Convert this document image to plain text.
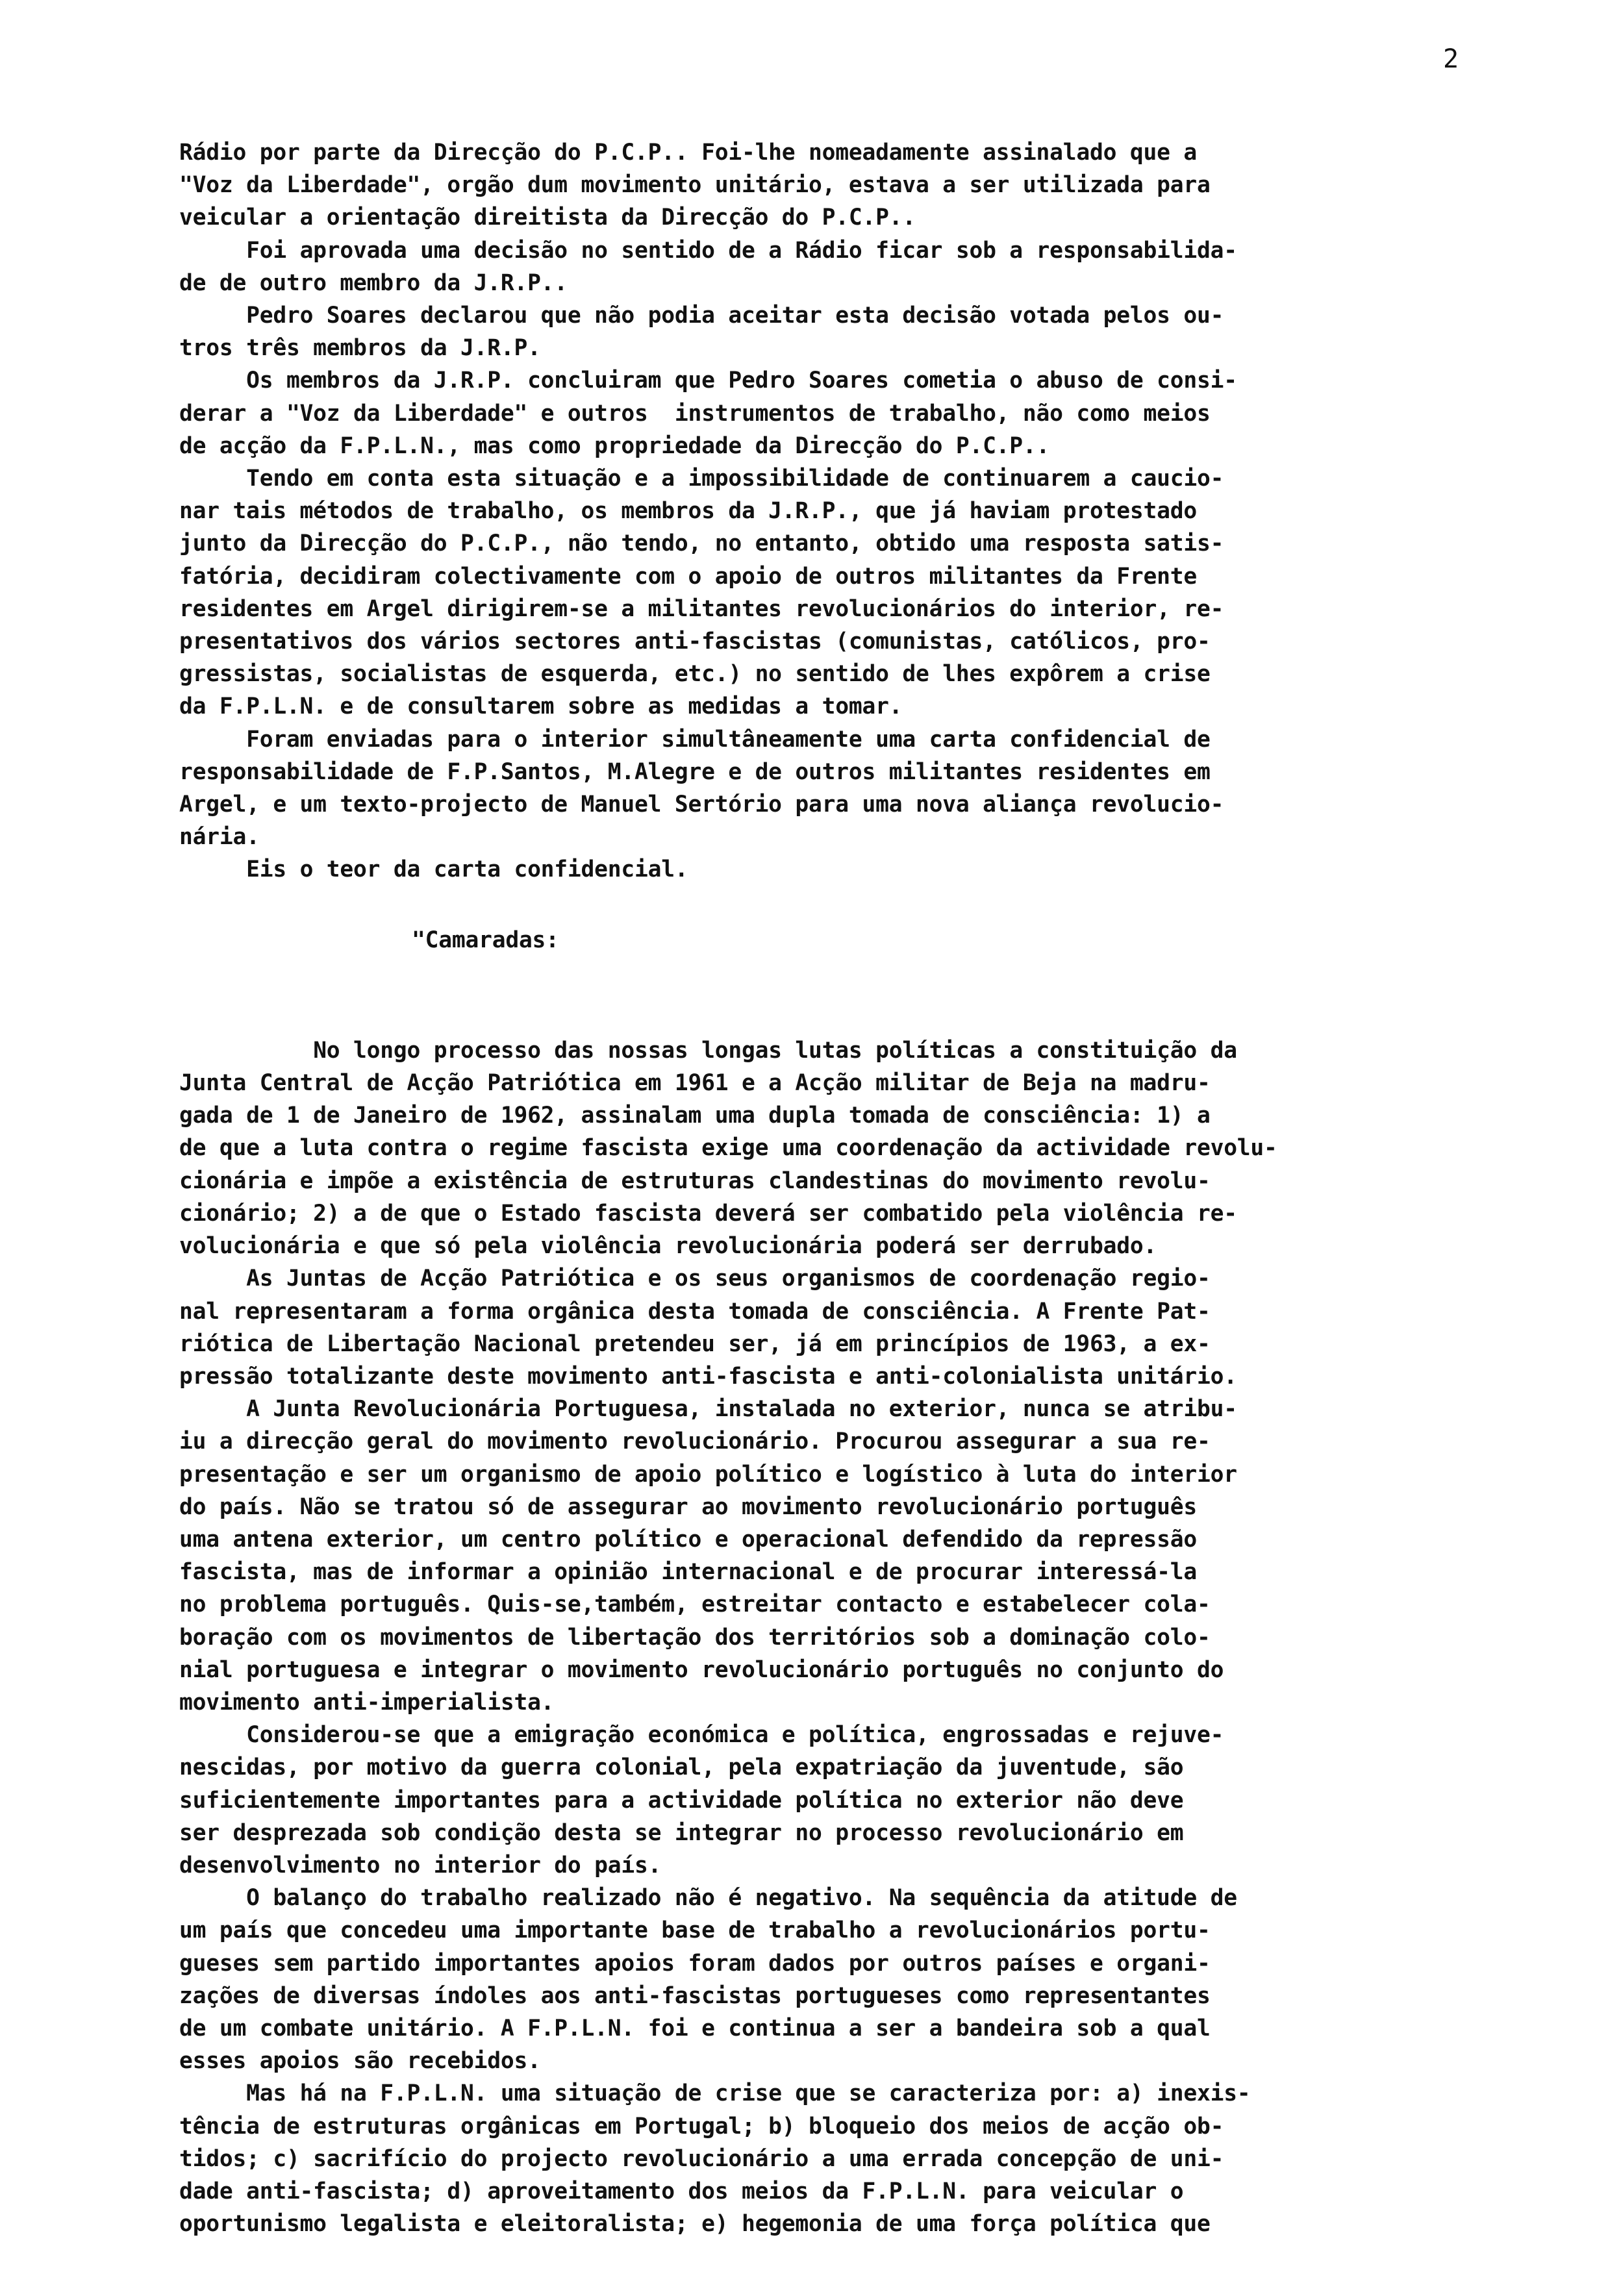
2

Rádio por parte da Direcção do P.C.P.. Foi-lhe nomeadamente assinalado que a
"Voz da Liberdade", orgão dum movimento unitário, estava a ser utilizada para
veicular a orientação direitista da Direcção do P.C.P..

Foi aprovada uma decisão no sentido de a Rádio ficar sob a responsabilida-
de de outro membro da J.R.P..

Pedro Soares declarou que não podia aceitar esta decisão votada pelos ou-
tros três membros da J.R.P.

Os membros da J.R.P. concluiram que Pedro Soares cometia o abuso de consi-
derar a "Voz da Liberdade" e outros  instrumentos de trabalho, não como meios
de acção da F.P.L.N., mas como propriedade da Direcção do P.C.P..

Tendo em conta esta situação e a impossibilidade de continuarem a caucio-
nar tais métodos de trabalho, os membros da J.R.P., que já haviam protestado
junto da Direcção do P.C.P., não tendo, no entanto, obtido uma resposta satis-
fatória, decidiram colectivamente com o apoio de outros militantes da Frente
residentes em Argel dirigirem-se a militantes revolucionários do interior, re-
presentativos dos vários sectores anti-fascistas (comunistas, católicos, pro-
gressistas, socialistas de esquerda, etc.) no sentido de lhes expôrem a crise
da F.P.L.N. e de consultarem sobre as medidas a tomar.

Foram enviadas para o interior simultâneamente uma carta confidencial de
responsabilidade de F.P.Santos, M.Alegre e de outros militantes residentes em
Argel, e um texto-projecto de Manuel Sertório para uma nova aliança revolucio-
nária.

Eis o teor da carta confidencial.

"Camaradas:

No longo processo das nossas longas lutas políticas a constituição da
Junta Central de Acção Patriótica em 1961 e a Acção militar de Beja na madru-
gada de 1 de Janeiro de 1962, assinalam uma dupla tomada de consciência: 1) a
de que a luta contra o regime fascista exige uma coordenação da actividade revolu-
cionária e impõe a existência de estruturas clandestinas do movimento revolu-
cionário; 2) a de que o Estado fascista deverá ser combatido pela violência re-
volucionária e que só pela violência revolucionária poderá ser derrubado.

As Juntas de Acção Patriótica e os seus organismos de coordenação regio-
nal representaram a forma orgânica desta tomada de consciência. A Frente Pat-
riótica de Libertação Nacional pretendeu ser, já em princípios de 1963, a ex-
pressão totalizante deste movimento anti-fascista e anti-colonialista unitário.

A Junta Revolucionária Portuguesa, instalada no exterior, nunca se atribu-
iu a direcção geral do movimento revolucionário. Procurou assegurar a sua re-
presentação e ser um organismo de apoio político e logístico à luta do interior
do país. Não se tratou só de assegurar ao movimento revolucionário português
uma antena exterior, um centro político e operacional defendido da repressão
fascista, mas de informar a opinião internacional e de procurar interessá-la
no problema português. Quis-se,também, estreitar contacto e estabelecer cola-
boração com os movimentos de libertação dos territórios sob a dominação colo-
nial portuguesa e integrar o movimento revolucionário português no conjunto do
movimento anti-imperialista.

Considerou-se que a emigração económica e política, engrossadas e rejuve-
nescidas, por motivo da guerra colonial, pela expatriação da juventude, são
suficientemente importantes para a actividade política no exterior não deve
ser desprezada sob condição desta se integrar no processo revolucionário em
desenvolvimento no interior do país.

O balanço do trabalho realizado não é negativo. Na sequência da atitude de
um país que concedeu uma importante base de trabalho a revolucionários portu-
gueses sem partido importantes apoios foram dados por outros países e organi-
zações de diversas índoles aos anti-fascistas portugueses como representantes
de um combate unitário. A F.P.L.N. foi e continua a ser a bandeira sob a qual
esses apoios são recebidos.

Mas há na F.P.L.N. uma situação de crise que se caracteriza por: a) inexis-
tência de estruturas orgânicas em Portugal; b) bloqueio dos meios de acção ob-
tidos; c) sacrifício do projecto revolucionário a uma errada concepção de uni-
dade anti-fascista; d) aproveitamento dos meios da F.P.L.N. para veicular o
oportunismo legalista e eleitoralista; e) hegemonia de uma força política que
